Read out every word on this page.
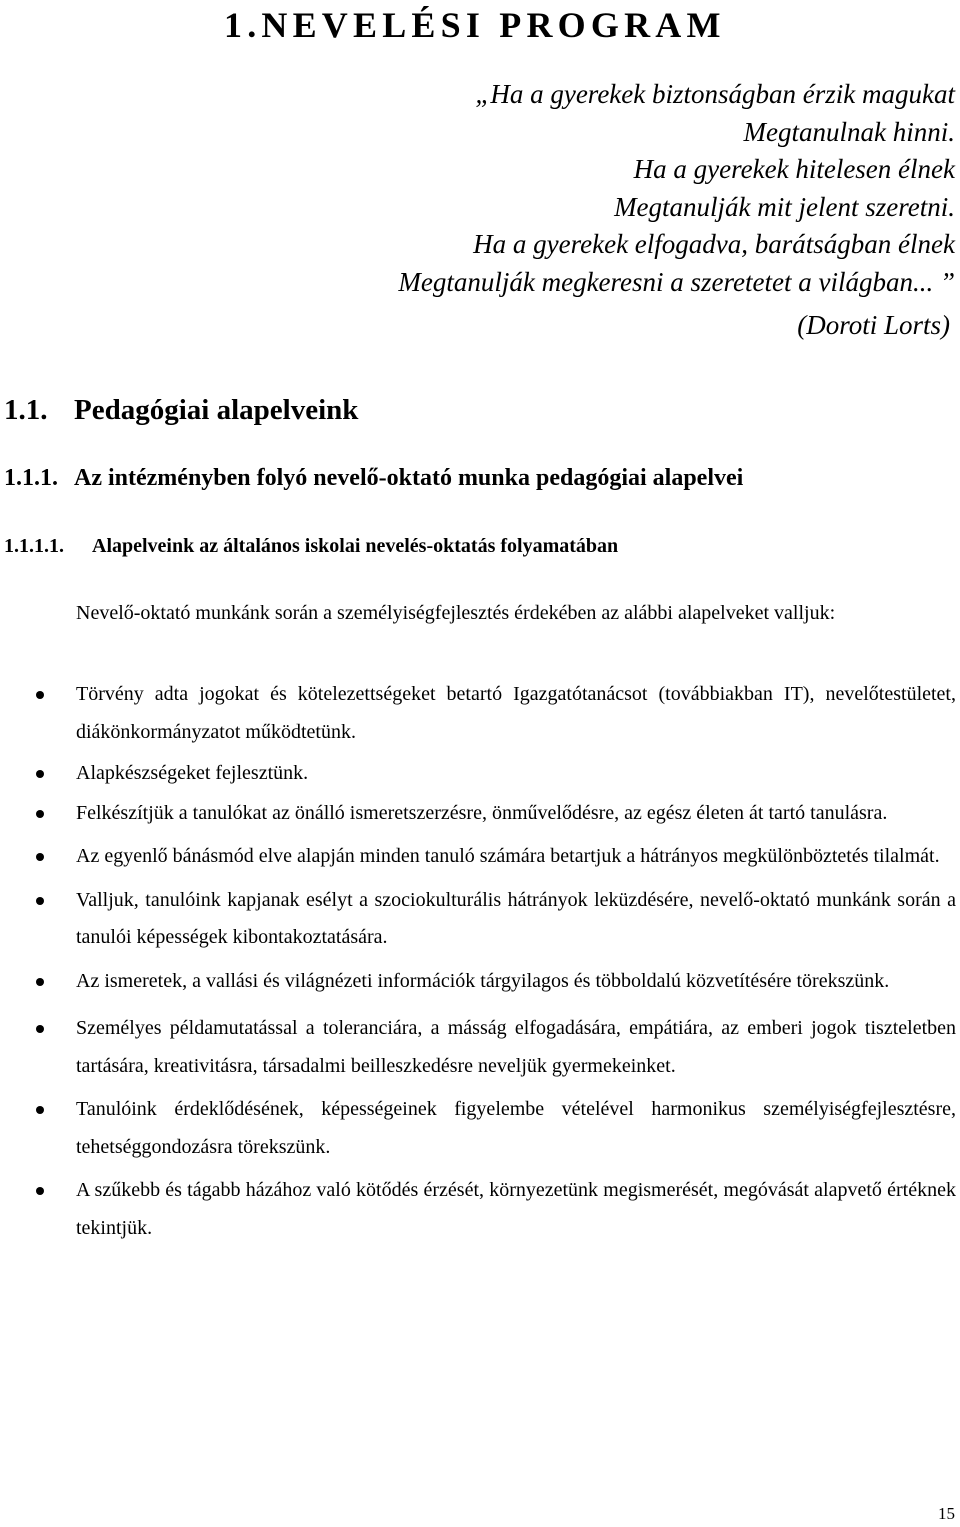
1.NEVELÉSI PROGRAM
„Ha a gyerekek biztonságban érzik magukat
Megtanulnak hinni.
Ha a gyerekek hitelesen élnek
Megtanulják mit jelent szeretni.
Ha a gyerekek elfogadva, barátságban élnek
Megtanulják megkeresni a szeretetet a világban... ”
(Doroti Lorts)
1.1. Pedagógiai alapelveink
1.1.1. Az intézményben folyó nevelő-oktató munka pedagógiai alapelvei
1.1.1.1. Alapelveink az általános iskolai nevelés-oktatás folyamatában

Nevelő-oktató munkánk során a személyiségfejlesztés érdekében az alábbi alapelveket valljuk:

Törvény adta jogokat és kötelezettségeket betartó Igazgatótanácsot (továbbiakban IT), nevelőtestületet, diákönkormányzatot működtetünk.
Alapkészségeket fejlesztünk.
Felkészítjük a tanulókat az önálló ismeretszerzésre, önművelődésre, az egész életen át tartó tanulásra.
Az egyenlő bánásmód elve alapján minden tanuló számára betartjuk a hátrányos megkülönböztetés tilalmát.
Valljuk, tanulóink kapjanak esélyt a szociokulturális hátrányok leküzdésére, nevelő-oktató munkánk során a tanulói képességek kibontakoztatására.
Az ismeretek, a vallási és világnézeti információk tárgyilagos és többoldalú közvetítésére törekszünk.
Személyes példamutatással a toleranciára, a másság elfogadására, empátiára, az emberi jogok tiszteletben tartására, kreativitásra, társadalmi beilleszkedésre neveljük gyermekeinket.
Tanulóink érdeklődésének, képességeinek figyelembe vételével harmonikus személyiségfejlesztésre, tehetséggondozásra törekszünk.
A szűkebb és tágabb házához való kötődés érzését, környezetünk megismerését, megóvását alapvető értéknek tekintjük.

15
